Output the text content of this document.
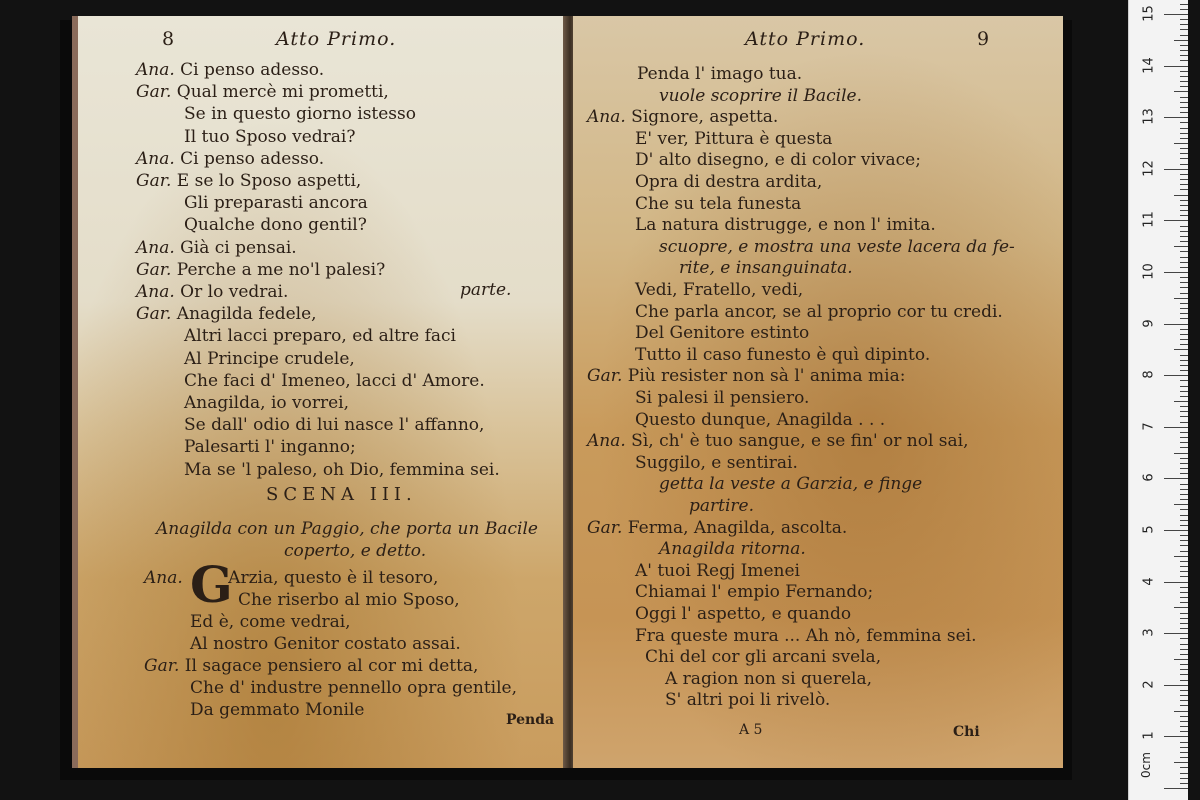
8	Atto Primo.
Ana. Ci penso adesso.
Gar. Qual mercè mi prometti,
Se in questo giorno istesso
Il tuo Sposo vedrai?
Ana. Ci penso adesso.
Gar. E se lo Sposo aspetti,
Gli preparasti ancora
Qualche dono gentil?
Ana. Già ci pensai.
Gar. Perche a me no'l palesi?
Ana. Or lo vedrai.
Gar. Anagilda fedele,
Altri lacci preparo, ed altre faci
Al Principe crudele,
Che faci d' Imeneo, lacci d' Amore.
Anagilda, io vorrei,
Se dall' odio di lui nasce l' affanno,
Palesarti l' inganno;
Ma se 'l paleso, oh Dio, femmina sei.
parte.
SCENA III.
Anagilda con un Paggio, che porta un Bacile
coperto, e detto.
G
Ana.	Arzia, questo è il tesoro,
Che riserbo al mio Sposo,
Ed è, come vedrai,
Al nostro Genitor costato assai.
Gar. Il sagace pensiero al cor mi detta,
Che d' industre pennello opra gentile,
Da gemmato Monile	Penda
Atto Primo.	9
Penda l' imago tua.
vuole scoprire il Bacile.
Ana. Signore, aspetta.
E' ver, Pittura è questa
D' alto disegno, e di color vivace;
Opra di destra ardita,
Che su tela funesta
La natura distrugge, e non l' imita.
scuopre, e mostra una veste lacera da fe-
rite, e insanguinata.
Vedi, Fratello, vedi,
Che parla ancor, se al proprio cor tu credi.
Del Genitore estinto
Tutto il caso funesto è quì dipinto.
Gar. Più resister non sà l' anima mia:
Si palesi il pensiero.
Questo dunque, Anagilda . . .
Ana. Sì, ch' è tuo sangue, e se fin' or nol sai,
Suggilo, e sentirai.
getta la veste a Garzia, e finge
partire.
Gar. Ferma, Anagilda, ascolta.
Anagilda ritorna.
A' tuoi Regj Imenei
Chiamai l' empio Fernando;
Oggi l' aspetto, e quando
Fra queste mura ... Ah nò, femmina sei.
Chi del cor gli arcani svela,
A ragion non si querela,
S' altri poi li rivelò.
A 5	Chi	1
2
3
4
5
6
7
8
9
10
11
12
13
14
15
0cm
